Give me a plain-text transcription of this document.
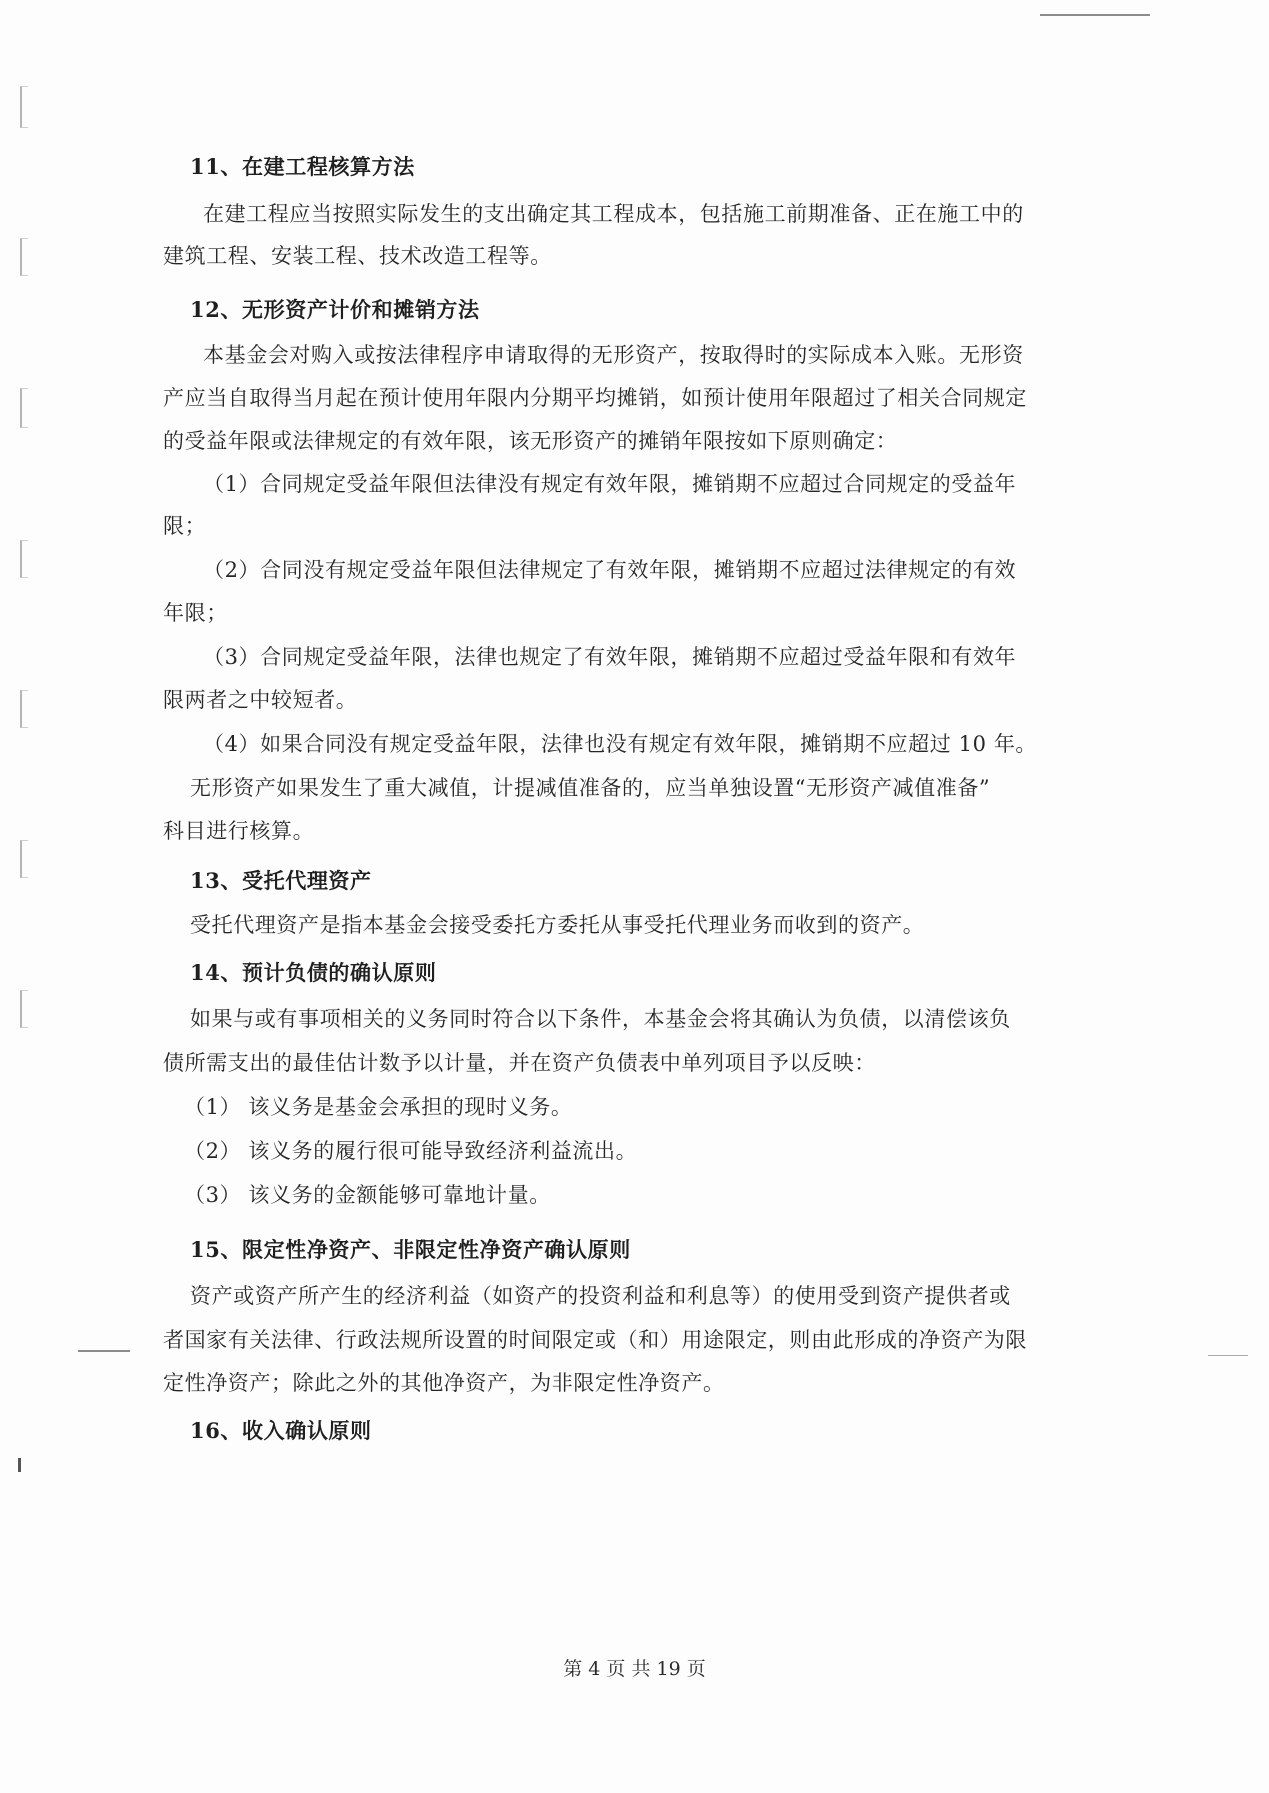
11、在建工程核算方法
在建工程应当按照实际发生的支出确定其工程成本，包括施工前期准备、正在施工中的
建筑工程、安装工程、技术改造工程等。
12、无形资产计价和摊销方法
本基金会对购入或按法律程序申请取得的无形资产，按取得时的实际成本入账。无形资
产应当自取得当月起在预计使用年限内分期平均摊销，如预计使用年限超过了相关合同规定
的受益年限或法律规定的有效年限，该无形资产的摊销年限按如下原则确定：
（1）合同规定受益年限但法律没有规定有效年限，摊销期不应超过合同规定的受益年
限；
（2）合同没有规定受益年限但法律规定了有效年限，摊销期不应超过法律规定的有效
年限；
（3）合同规定受益年限，法律也规定了有效年限，摊销期不应超过受益年限和有效年
限两者之中较短者。
（4）如果合同没有规定受益年限，法律也没有规定有效年限，摊销期不应超过 10 年。
无形资产如果发生了重大减值，计提减值准备的，应当单独设置“无形资产减值准备”
科目进行核算。
13、受托代理资产
受托代理资产是指本基金会接受委托方委托从事受托代理业务而收到的资产。
14、预计负债的确认原则
如果与或有事项相关的义务同时符合以下条件，本基金会将其确认为负债，以清偿该负
债所需支出的最佳估计数予以计量，并在资产负债表中单列项目予以反映：
（1） 该义务是基金会承担的现时义务。
（2） 该义务的履行很可能导致经济利益流出。
（3） 该义务的金额能够可靠地计量。
15、限定性净资产、非限定性净资产确认原则
资产或资产所产生的经济利益（如资产的投资利益和利息等）的使用受到资产提供者或
者国家有关法律、行政法规所设置的时间限定或（和）用途限定，则由此形成的净资产为限
定性净资产；除此之外的其他净资产，为非限定性净资产。
16、收入确认原则
第 4 页 共 19 页
